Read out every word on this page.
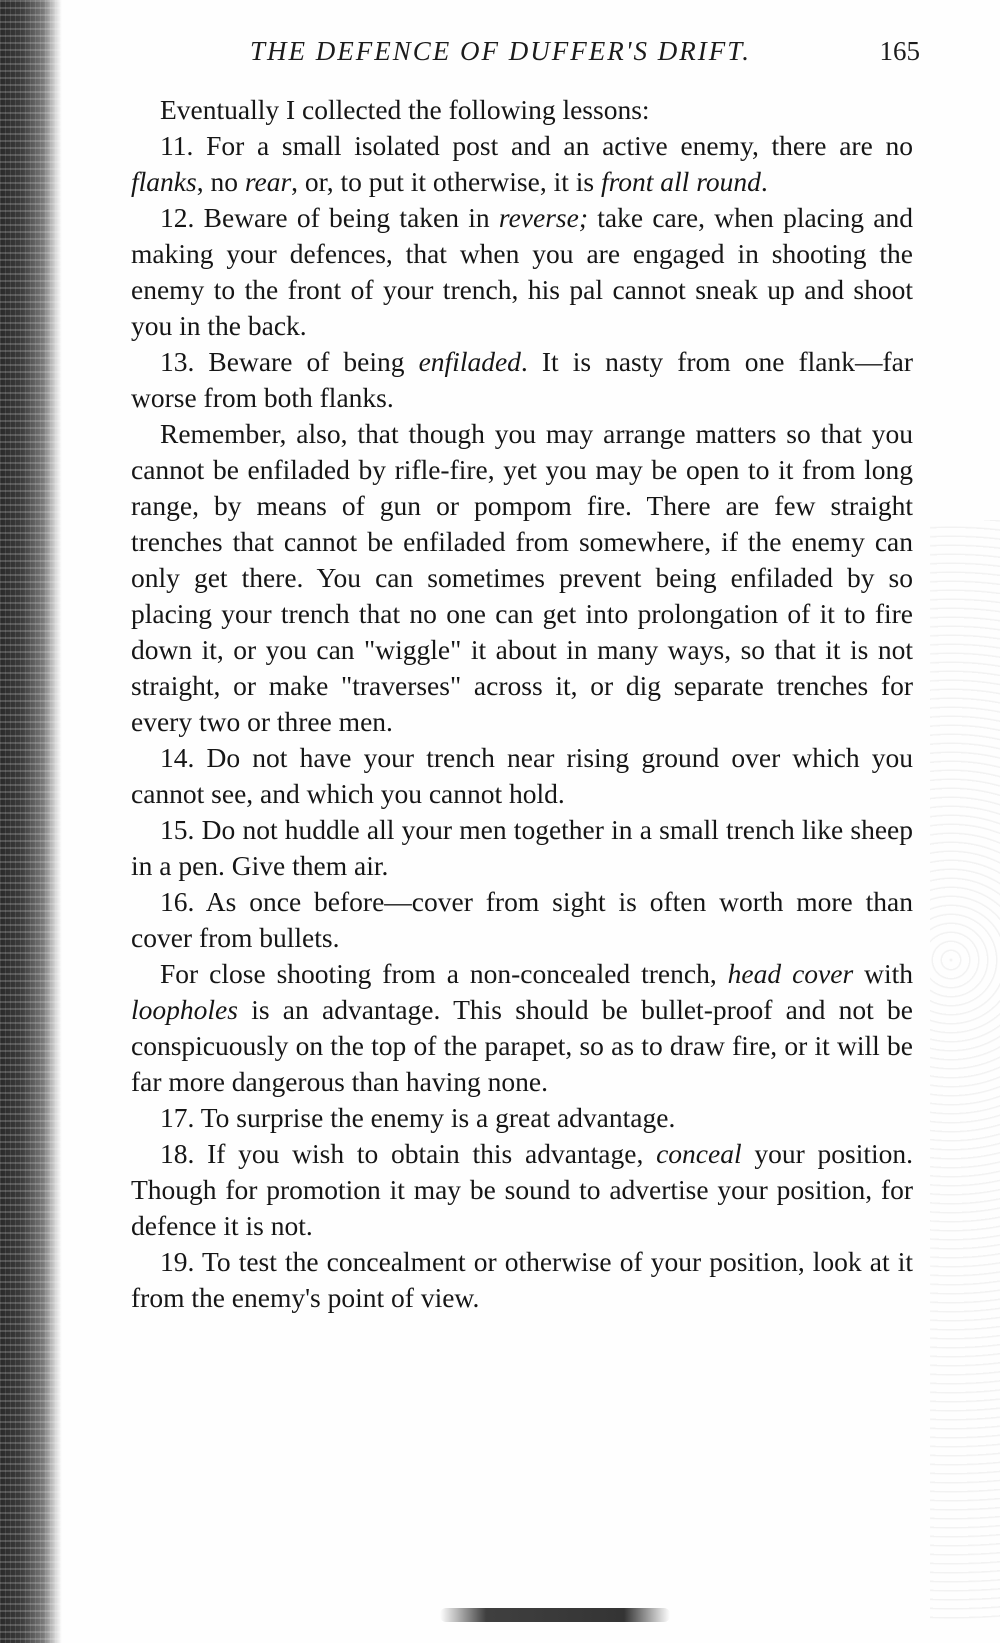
THE DEFENCE OF DUFFER'S DRIFT.	165

Eventually I collected the following lessons:

11. For a small isolated post and an active enemy, there are no flanks, no rear, or, to put it otherwise, it is front all round.

12. Beware of being taken in reverse; take care, when placing and making your defences, that when you are engaged in shooting the enemy to the front of your trench, his pal cannot sneak up and shoot you in the back.

13. Beware of being enfiladed. It is nasty from one flank—far worse from both flanks.

Remember, also, that though you may arrange matters so that you cannot be enfiladed by rifle-fire, yet you may be open to it from long range, by means of gun or pompom fire. There are few straight trenches that cannot be enfiladed from somewhere, if the enemy can only get there. You can sometimes prevent being enfiladed by so placing your trench that no one can get into prolongation of it to fire down it, or you can "wiggle" it about in many ways, so that it is not straight, or make "traverses" across it, or dig separate trenches for every two or three men.

14. Do not have your trench near rising ground over which you cannot see, and which you cannot hold.

15. Do not huddle all your men together in a small trench like sheep in a pen. Give them air.

16. As once before—cover from sight is often worth more than cover from bullets.

For close shooting from a non-concealed trench, head cover with loopholes is an advantage. This should be bullet-proof and not be conspicuously on the top of the parapet, so as to draw fire, or it will be far more dangerous than having none.

17. To surprise the enemy is a great advantage.

18. If you wish to obtain this advantage, conceal your position. Though for promotion it may be sound to advertise your position, for defence it is not.

19. To test the concealment or otherwise of your position, look at it from the enemy's point of view.
